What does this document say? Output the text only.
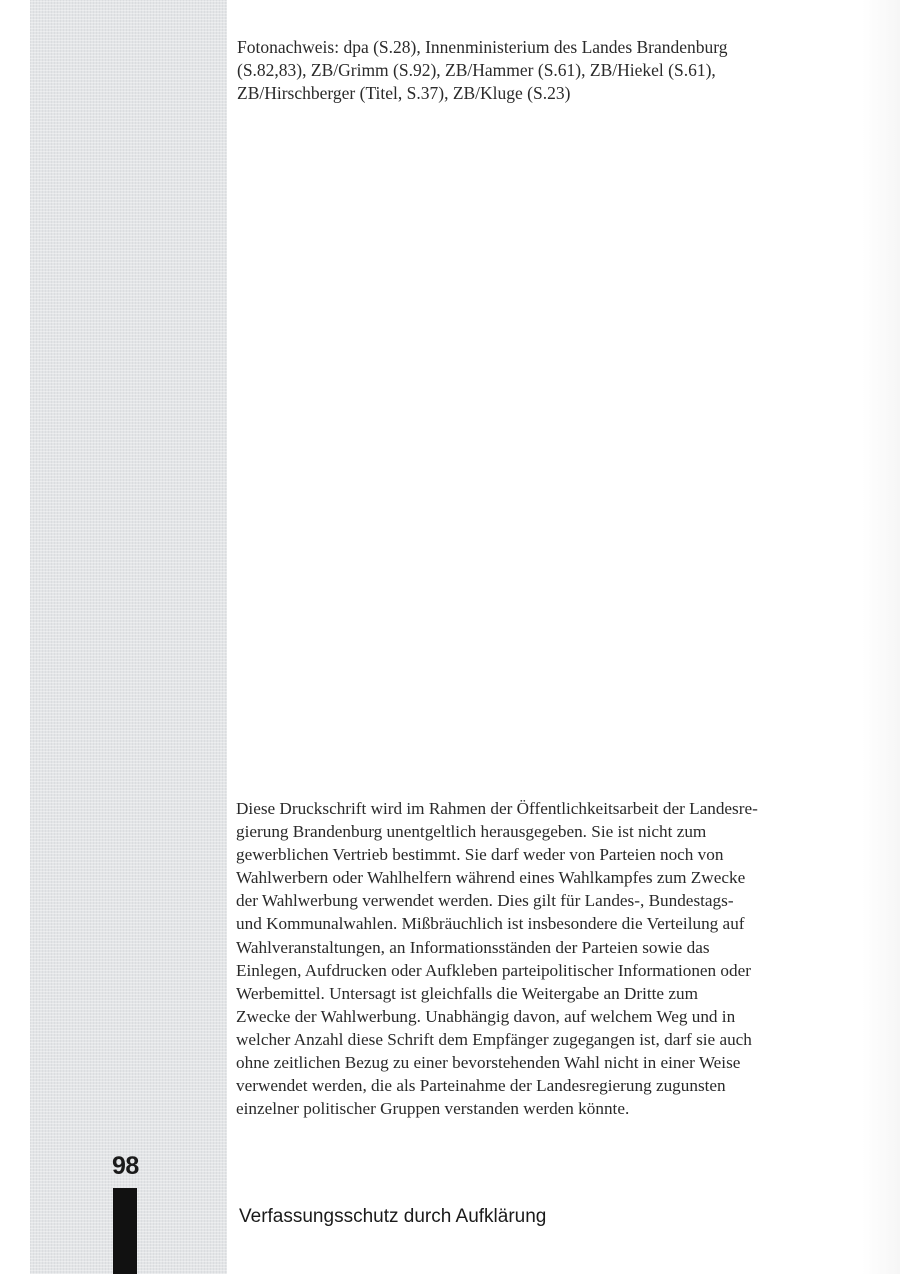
Fotonachweis: dpa (S.28), Innenministerium des Landes Brandenburg
(S.82,83), ZB/Grimm (S.92), ZB/Hammer (S.61), ZB/Hiekel (S.61),
ZB/Hirschberger (Titel, S.37), ZB/Kluge (S.23)

Diese Druckschrift wird im Rahmen der Öffentlichkeitsarbeit der Landesre-
gierung Brandenburg unentgeltlich herausgegeben. Sie ist nicht zum
gewerblichen Vertrieb bestimmt. Sie darf weder von Parteien noch von
Wahlwerbern oder Wahlhelfern während eines Wahlkampfes zum Zwecke
der Wahlwerbung verwendet werden. Dies gilt für Landes-, Bundestags-
und Kommunalwahlen. Mißbräuchlich ist insbesondere die Verteilung auf
Wahlveranstaltungen, an Informationsständen der Parteien sowie das
Einlegen, Aufdrucken oder Aufkleben parteipolitischer Informationen oder
Werbemittel. Untersagt ist gleichfalls die Weitergabe an Dritte zum
Zwecke der Wahlwerbung. Unabhängig davon, auf welchem Weg und in
welcher Anzahl diese Schrift dem Empfänger zugegangen ist, darf sie auch
ohne zeitlichen Bezug zu einer bevorstehenden Wahl nicht in einer Weise
verwendet werden, die als Parteinahme der Landesregierung zugunsten
einzelner politischer Gruppen verstanden werden könnte.

98
Verfassungsschutz durch Aufklärung
